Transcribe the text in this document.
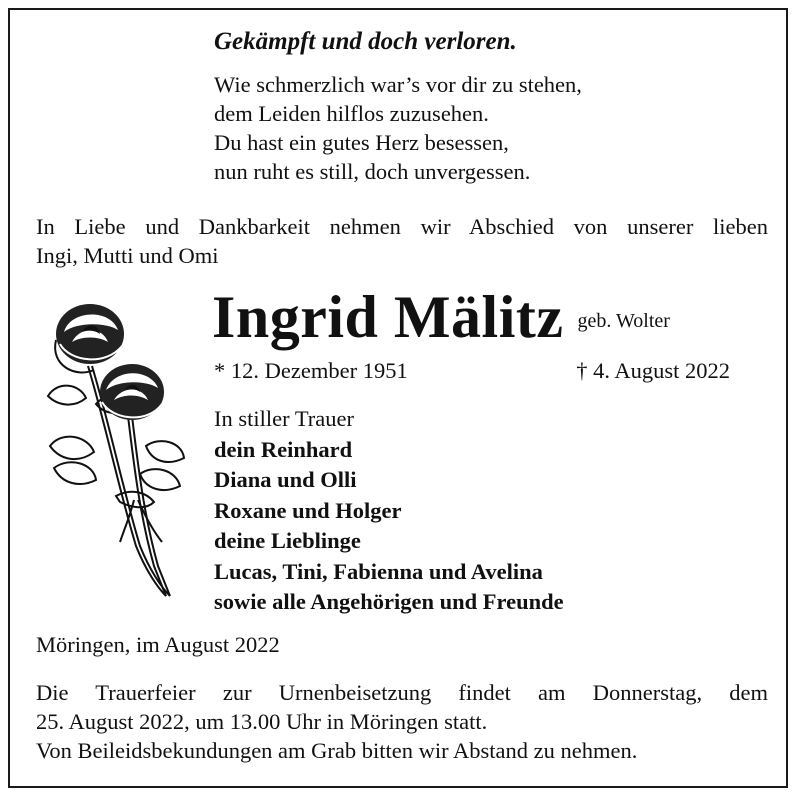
Gekämpft und doch verloren.
Wie schmerzlich war’s vor dir zu stehen,
dem Leiden hilflos zuzusehen.
Du hast ein gutes Herz besessen,
nun ruht es still, doch unvergessen.
In Liebe und Dankbarkeit nehmen wir Abschied von unserer lieben
Ingi, Mutti und Omi
Ingrid Mälitz geb. Wolter
* 12. Dezember 1951	† 4. August 2022
In stiller Trauer
dein Reinhard
Diana und Olli
Roxane und Holger
deine Lieblinge
Lucas, Tini, Fabienna und Avelina
sowie alle Angehörigen und Freunde
Möringen, im August 2022
Die Trauerfeier zur Urnenbeisetzung findet am Donnerstag, dem
25. August 2022, um 13.00 Uhr in Möringen statt.
Von Beileidsbekundungen am Grab bitten wir Abstand zu nehmen.
